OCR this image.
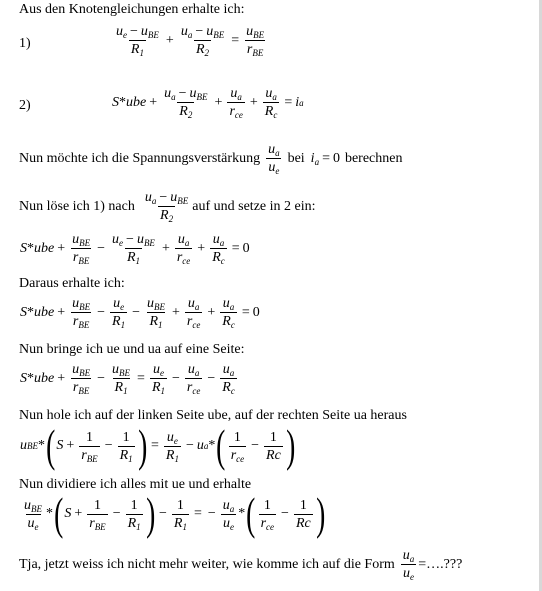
Aus den Knotengleichungen erhalte ich:
1)	$\frac{u_e - u_{BE}}{R_1} + \frac{u_a - u_{BE}}{R_2} = \frac{u_{BE}}{r_{BE}}$
2)	S * ube + $\frac{u_a - u_{BE}}{R_2} + \frac{u_a}{r_{ce}} + \frac{u_a}{R_c} = i$ a
Nun möchte ich die Spannungsverstärkung $\frac{u_a}{u_e}$ bei $i_a = 0$ berechnen
Nun löse ich 1) nach $\frac{u_a - u_{BE}}{R_2}$ auf und setze in 2 ein:
S * ube + $\frac{u_{BE}}{r_{BE}} - \frac{u_e - u_{BE}}{R_1} + \frac{u_a}{r_{ce}} + \frac{u_a}{R_c} = 0$
Daraus erhalte ich:
S * ube + $\frac{u_{BE}}{r_{BE}} - \frac{u_e}{R_1} - \frac{u_{BE}}{R_1} + \frac{u_a}{r_{ce}} + \frac{u_a}{R_c} = 0$
Nun bringe ich ue und ua auf eine Seite:
S * ube + $\frac{u_{BE}}{r_{BE}} - \frac{u_{BE}}{R_1} = \frac{u_e}{R_1} - \frac{u_a}{r_{ce}} - \frac{u_a}{R_c}$
Nun hole ich auf der linken Seite ube, auf der rechten Seite ua heraus
u BE * ( $S + \frac{1}{r_{BE}} - \frac{1}{R_1}$ ) = $\frac{u_e}{R_1} - u$ a * ( $\frac{1}{r_{ce}} - \frac{1}{Rc}$ )
Nun dividiere ich alles mit ue und erhalte
$\frac{u_{BE}}{u_e}$ * ( $S + \frac{1}{r_{BE}} - \frac{1}{R_1}$ ) − $\frac{1}{R_1}$ = − $\frac{u_a}{u_e}$ * ( $\frac{1}{r_{ce}} - \frac{1}{Rc}$ )
Tja, jetzt weiss ich nicht mehr weiter, wie komme ich auf die Form $\frac{u_a}{u_e}$ =….???
